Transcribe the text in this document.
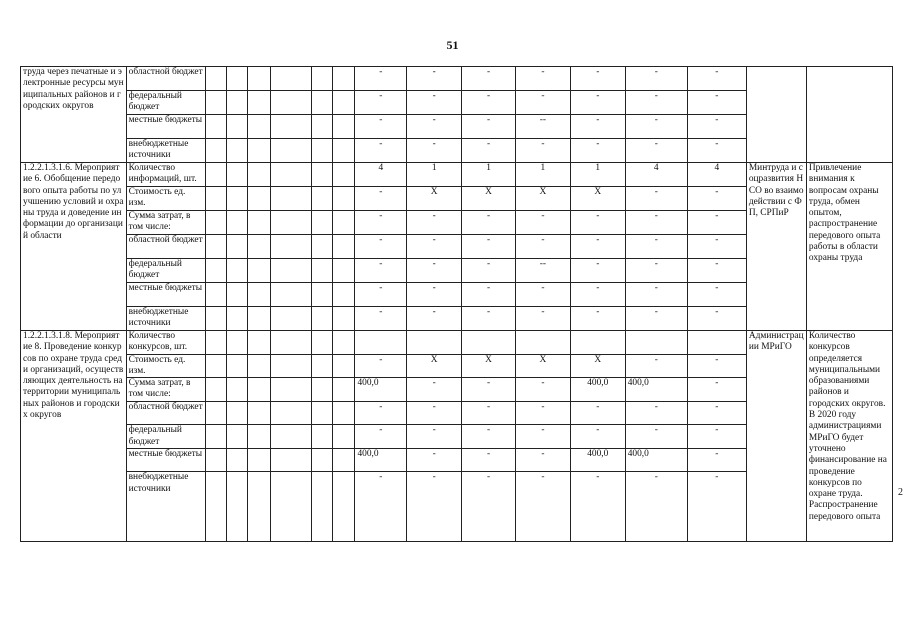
51
2
труда через печатные и электронные ресурсы муниципальных районов и городских округов	областной бюджет							-	-	-	-	-	-	-		
	федеральный бюджет							-	-	-	-	-	-	-		
	местные бюджеты							-	-	-	--	-	-	-		
	внебюджетные источники							-	-	-	-	-	-	-		
1.2.2.1.3.1.6. Мероприятие 6. Обобщение передового опыта работы по улучшению условий и охраны труда и доведение информации до организаций области	Количество информаций, шт.							4	1	1	1	1	4	4	Минтруда и соцразвития НСО во взаимодействии с ФП, СРПиР	Привлечение внимания к вопросам охраны труда, обмен опытом, распространение передового опыта работы в области охраны труда
	Стоимость ед. изм.							-	Х	Х	Х	Х	-	-		
	Сумма затрат, в том числе:							-	-	-	-	-	-	-		
	областной бюджет							-	-	-	-	-	-	-		
	федеральный бюджет							-	-	-	--	-	-	-		
	местные бюджеты							-	-	-	-	-	-	-		
	внебюджетные источники							-	-	-	-	-	-	-		
1.2.2.1.3.1.8. Мероприятие 8. Проведение конкурсов по охране труда среди организаций, осуществляющих деятельность на территории муниципальных районов и городских округов	Количество конкурсов, шт.														Администрации МРиГО	Количество конкурсов определяется муниципальными образованиями районов и городских округов. В 2020 году администрациями МРиГО будет уточнено финансирование на проведение конкурсов по охране труда. Распространение передового опыта
	Стоимость ед. изм.							-	Х	Х	Х	Х	-	-		
	Сумма затрат, в том числе:							400,0	-	-	-	400,0	400,0	-		
	областной бюджет							-	-	-	-	-	-	-		
	федеральный бюджет							-	-	-	-	-	-	-		
	местные бюджеты							400,0	-	-	-	400,0	400,0	-		
	внебюджетные источники							-	-	-	-	-	-	-		
